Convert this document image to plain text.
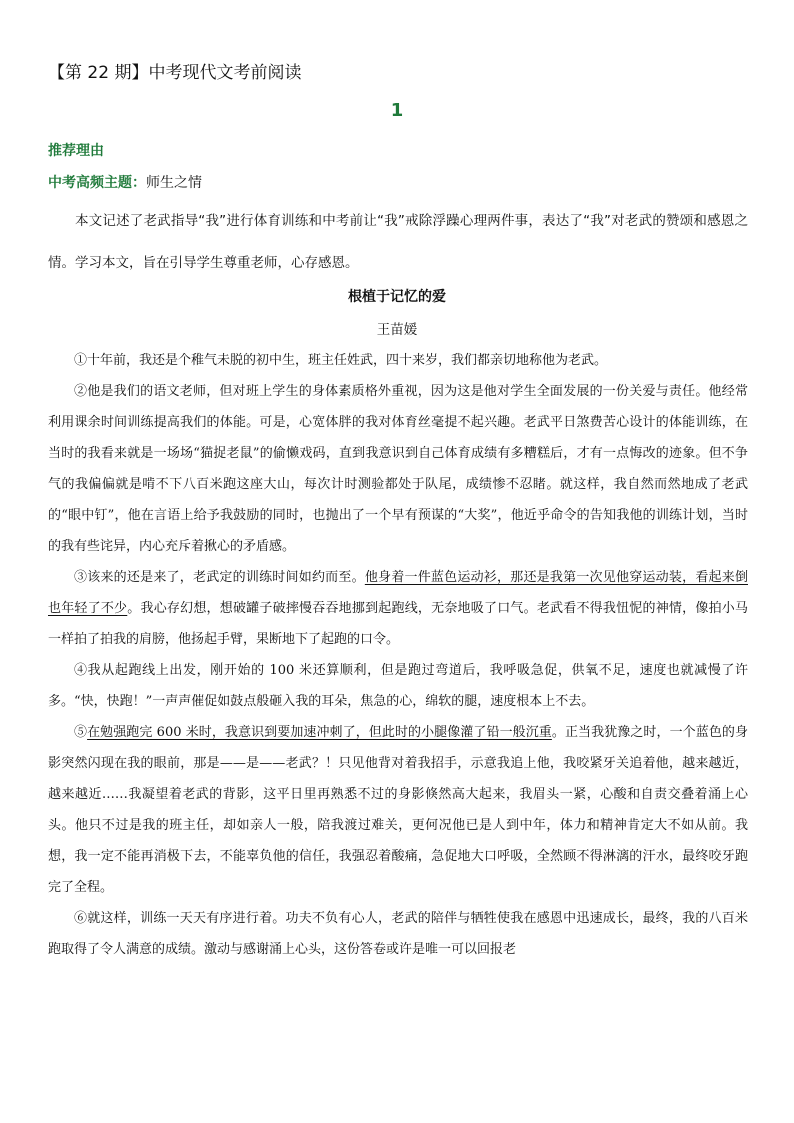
【第 22 期】中考现代文考前阅读
1
推荐理由
中考高频主题：师生之情

本文记述了老武指导“我”进行体育训练和中考前让“我”戒除浮躁心理两件事，表达了“我”对老武的赞颂和感恩之情。学习本文，旨在引导学生尊重老师，心存感恩。

根植于记忆的爱
王苗媛

①十年前，我还是个稚气未脱的初中生，班主任姓武，四十来岁，我们都亲切地称他为老武。

②他是我们的语文老师，但对班上学生的身体素质格外重视，因为这是他对学生全面发展的一份关爱与责任。他经常利用课余时间训练提高我们的体能。可是，心宽体胖的我对体育丝毫提不起兴趣。老武平日煞费苦心设计的体能训练，在当时的我看来就是一场场“猫捉老鼠”的偷懒戏码，直到我意识到自己体育成绩有多糟糕后，才有一点悔改的迹象。但不争气的我偏偏就是啃不下八百米跑这座大山，每次计时测验都处于队尾，成绩惨不忍睹。就这样，我自然而然地成了老武的“眼中钉”，他在言语上给予我鼓励的同时，也抛出了一个早有预谋的“大奖”，他近乎命令的告知我他的训练计划，当时的我有些诧异，内心充斥着揪心的矛盾感。

③该来的还是来了，老武定的训练时间如约而至。他身着一件蓝色运动衫，那还是我第一次见他穿运动装，看起来倒也年轻了不少。我心存幻想，想破罐子破摔慢吞吞地挪到起跑线，无奈地吸了口气。老武看不得我忸怩的神情，像拍小马一样拍了拍我的肩膀，他扬起手臂，果断地下了起跑的口令。

④我从起跑线上出发，刚开始的 100 米还算顺利，但是跑过弯道后，我呼吸急促，供氧不足，速度也就减慢了许多。“快，快跑！”一声声催促如鼓点般砸入我的耳朵，焦急的心，绵软的腿，速度根本上不去。

⑤在勉强跑完 600 米时，我意识到要加速冲刺了，但此时的小腿像灌了铅一般沉重。正当我犹豫之时，一个蓝色的身影突然闪现在我的眼前，那是——是——老武？！只见他背对着我招手，示意我追上他，我咬紧牙关追着他，越来越近，越来越近……我凝望着老武的背影，这平日里再熟悉不过的身影倏然高大起来，我眉头一紧，心酸和自责交叠着涌上心头。他只不过是我的班主任，却如亲人一般，陪我渡过难关，更何况他已是人到中年，体力和精神肯定大不如从前。我想，我一定不能再消极下去，不能辜负他的信任，我强忍着酸痛，急促地大口呼吸，全然顾不得淋漓的汗水，最终咬牙跑完了全程。

⑥就这样，训练一天天有序进行着。功夫不负有心人，老武的陪伴与牺牲使我在感恩中迅速成长，最终，我的八百米跑取得了令人满意的成绩。激动与感谢涌上心头，这份答卷或许是唯一可以回报老
